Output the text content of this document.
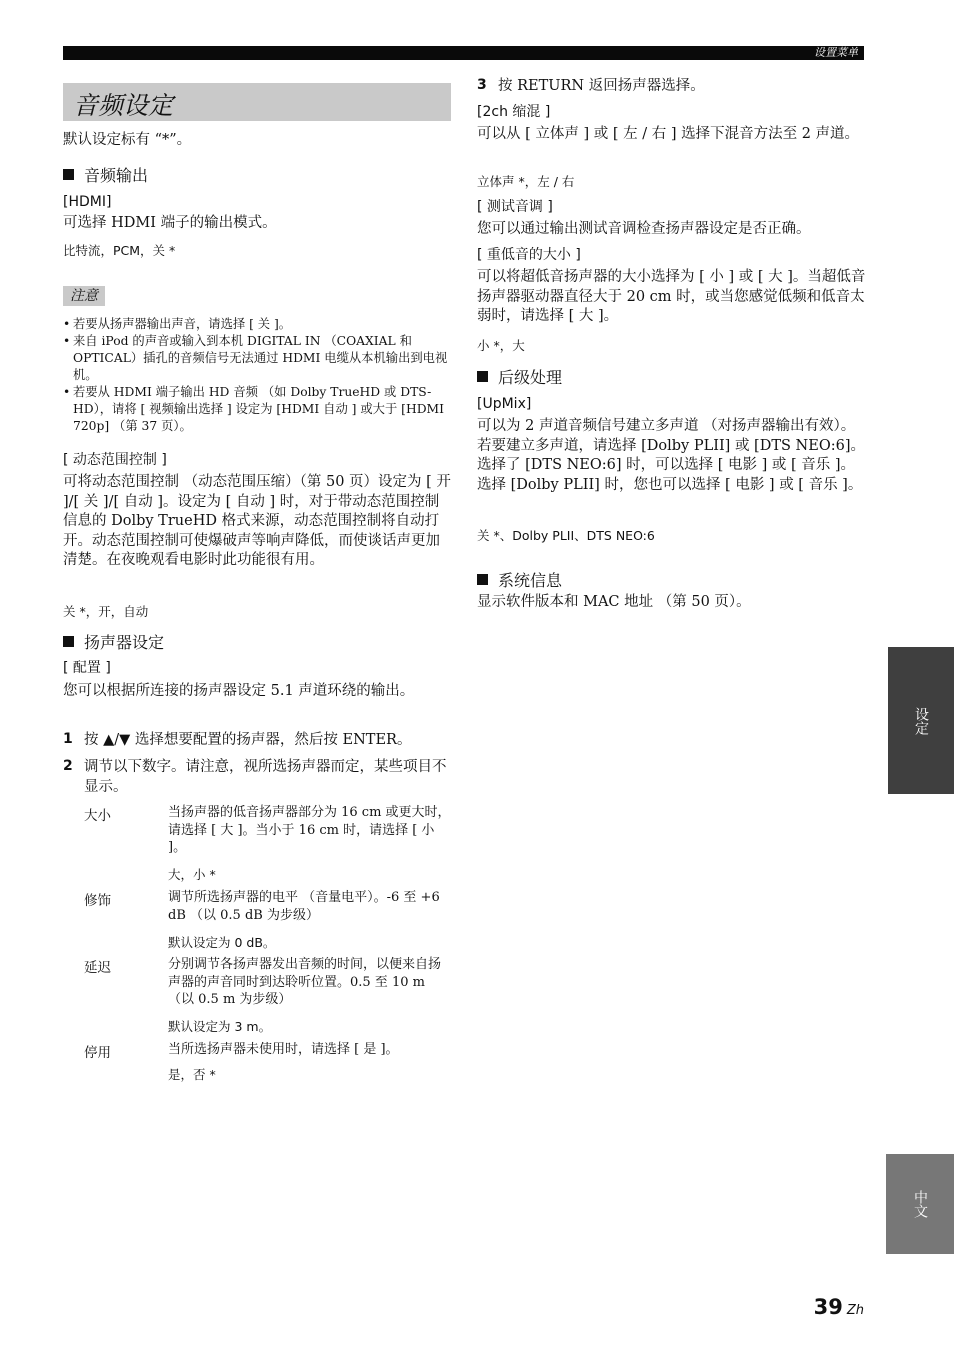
设置菜单
音频设定
默认设定标有 “*”。
音频输出
[HDMI]
可选择 HDMI 端子的输出模式。
比特流，PCM，关 *
注意
• 若要从扬声器输出声音，请选择 [ 关 ]。
• 来自 iPod 的声音或输入到本机 DIGITAL IN （COAXIAL 和 OPTICAL）插孔的音频信号无法通过 HDMI 电缆从本机输出到电视机。
• 若要从 HDMI 端子输出 HD 音频 （如 Dolby TrueHD 或 DTS-HD），请将 [ 视频输出选择 ] 设定为 [HDMI 自动 ] 或大于 [HDMI 720p] （第 37 页）。
[ 动态范围控制 ]
可将动态范围控制 （动态范围压缩）（第 50 页）设定为 [ 开 ]/[ 关 ]/[ 自动 ]。设定为 [ 自动 ] 时，对于带动态范围控制信息的 Dolby TrueHD 格式来源，动态范围控制将自动打开。动态范围控制可使爆破声等响声降低，而使谈话声更加清楚。在夜晚观看电影时此功能很有用。
关 *，开，自动
扬声器设定
[ 配置 ]
您可以根据所连接的扬声器设定 5.1 声道环绕的输出。
1 按 ▲/▼ 选择想要配置的扬声器，然后按 ENTER。
2 调节以下数字。请注意，视所选扬声器而定，某些项目不显示。
大小	当扬声器的低音扬声器部分为 16 cm 或更大时，请选择 [ 大 ]。当小于 16 cm 时，请选择 [ 小 ]。
大，小 *
修饰	调节所选扬声器的电平 （音量电平）。-6 至 +6 dB （以 0.5 dB 为步级）
默认设定为 0 dB。
延迟	分别调节各扬声器发出音频的时间，以便来自扬声器的声音同时到达聆听位置。0.5 至 10 m （以 0.5 m 为步级）
默认设定为 3 m。
停用	当所选扬声器未使用时，请选择 [ 是 ]。
是，否 *
3 按 RETURN 返回扬声器选择。
[2ch 缩混 ]
可以从 [ 立体声 ] 或 [ 左 / 右 ] 选择下混音方法至 2 声道。
立体声 *，左 / 右
[ 测试音调 ]
您可以通过输出测试音调检查扬声器设定是否正确。
[ 重低音的大小 ]
可以将超低音扬声器的大小选择为 [ 小 ] 或 [ 大 ]。当超低音扬声器驱动器直径大于 20 cm 时，或当您感觉低频和低音太弱时，请选择 [ 大 ]。
小 *，大
后级处理
[UpMix]
可以为 2 声道音频信号建立多声道 （对扬声器输出有效）。若要建立多声道，请选择 [Dolby PLII] 或 [DTS NEO:6]。选择了 [DTS NEO:6] 时，可以选择 [ 电影 ] 或 [ 音乐 ]。选择 [Dolby PLII] 时，您也可以选择 [ 电影 ] 或 [ 音乐 ]。
关 *、Dolby PLII、DTS NEO:6
系统信息
显示软件版本和 MAC 地址 （第 50 页）。
设定
中文
39 Zh
